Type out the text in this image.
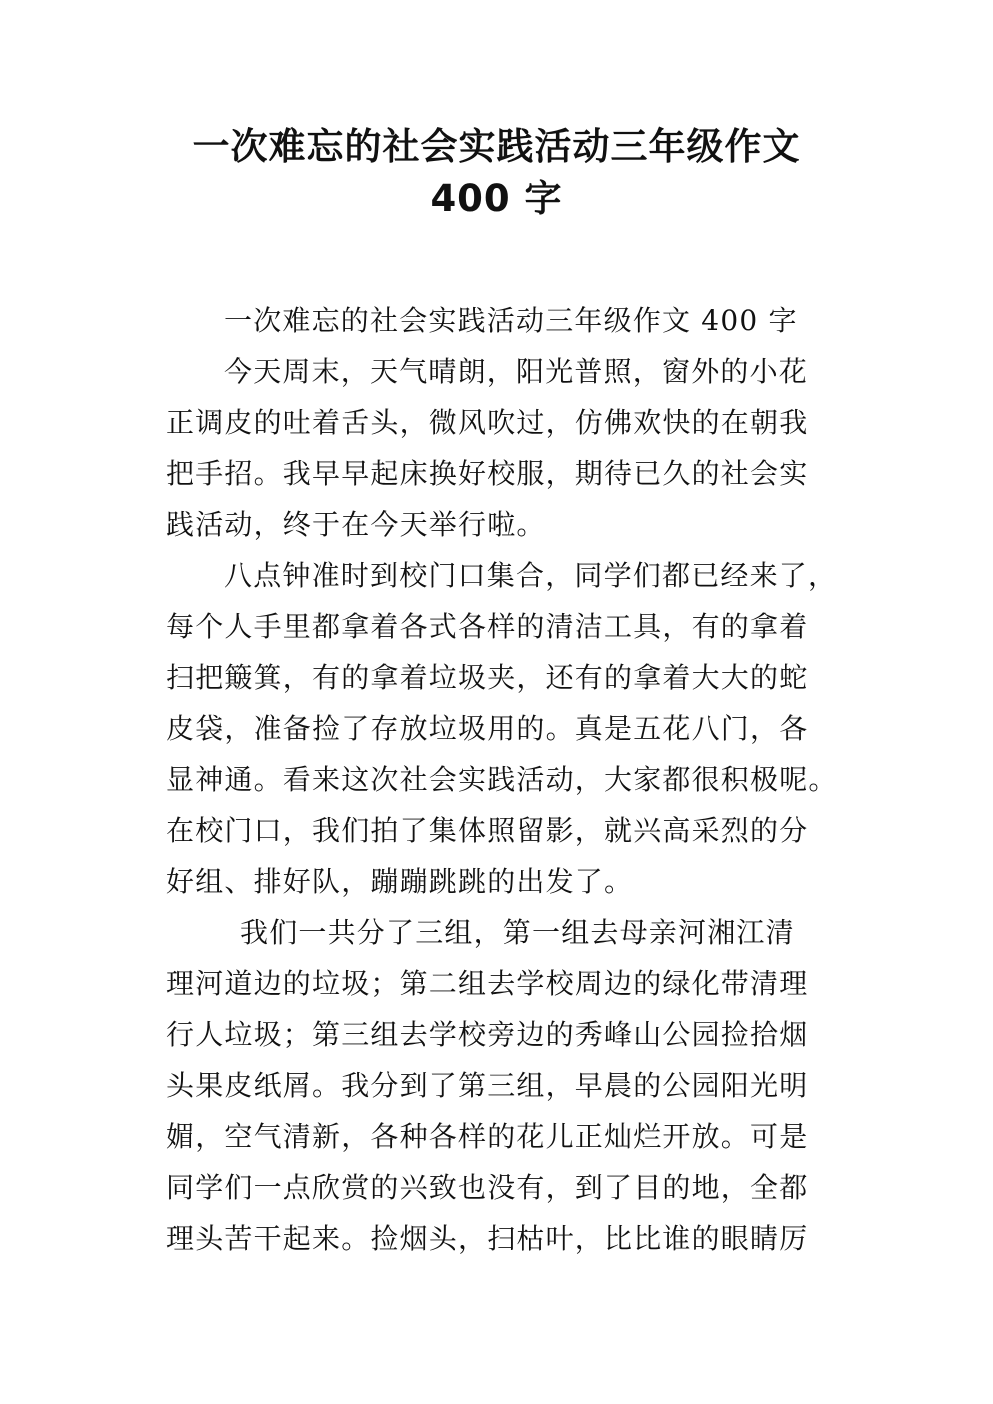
一次难忘的社会实践活动三年级作文
400 字
一次难忘的社会实践活动三年级作文 400 字
今天周末，天气晴朗，阳光普照，窗外的小花
正调皮的吐着舌头，微风吹过，仿佛欢快的在朝我
把手招。我早早起床换好校服，期待已久的社会实
践活动，终于在今天举行啦。
八点钟准时到校门口集合，同学们都已经来了，
每个人手里都拿着各式各样的清洁工具，有的拿着
扫把簸箕，有的拿着垃圾夹，还有的拿着大大的蛇
皮袋，准备捡了存放垃圾用的。真是五花八门，各
显神通。看来这次社会实践活动，大家都很积极呢。
在校门口，我们拍了集体照留影，就兴高采烈的分
好组、排好队，蹦蹦跳跳的出发了。
我们一共分了三组，第一组去母亲河湘江清
理河道边的垃圾；第二组去学校周边的绿化带清理
行人垃圾；第三组去学校旁边的秀峰山公园捡拾烟
头果皮纸屑。我分到了第三组，早晨的公园阳光明
媚，空气清新，各种各样的花儿正灿烂开放。可是
同学们一点欣赏的兴致也没有，到了目的地，全都
理头苦干起来。捡烟头，扫枯叶，比比谁的眼睛厉
